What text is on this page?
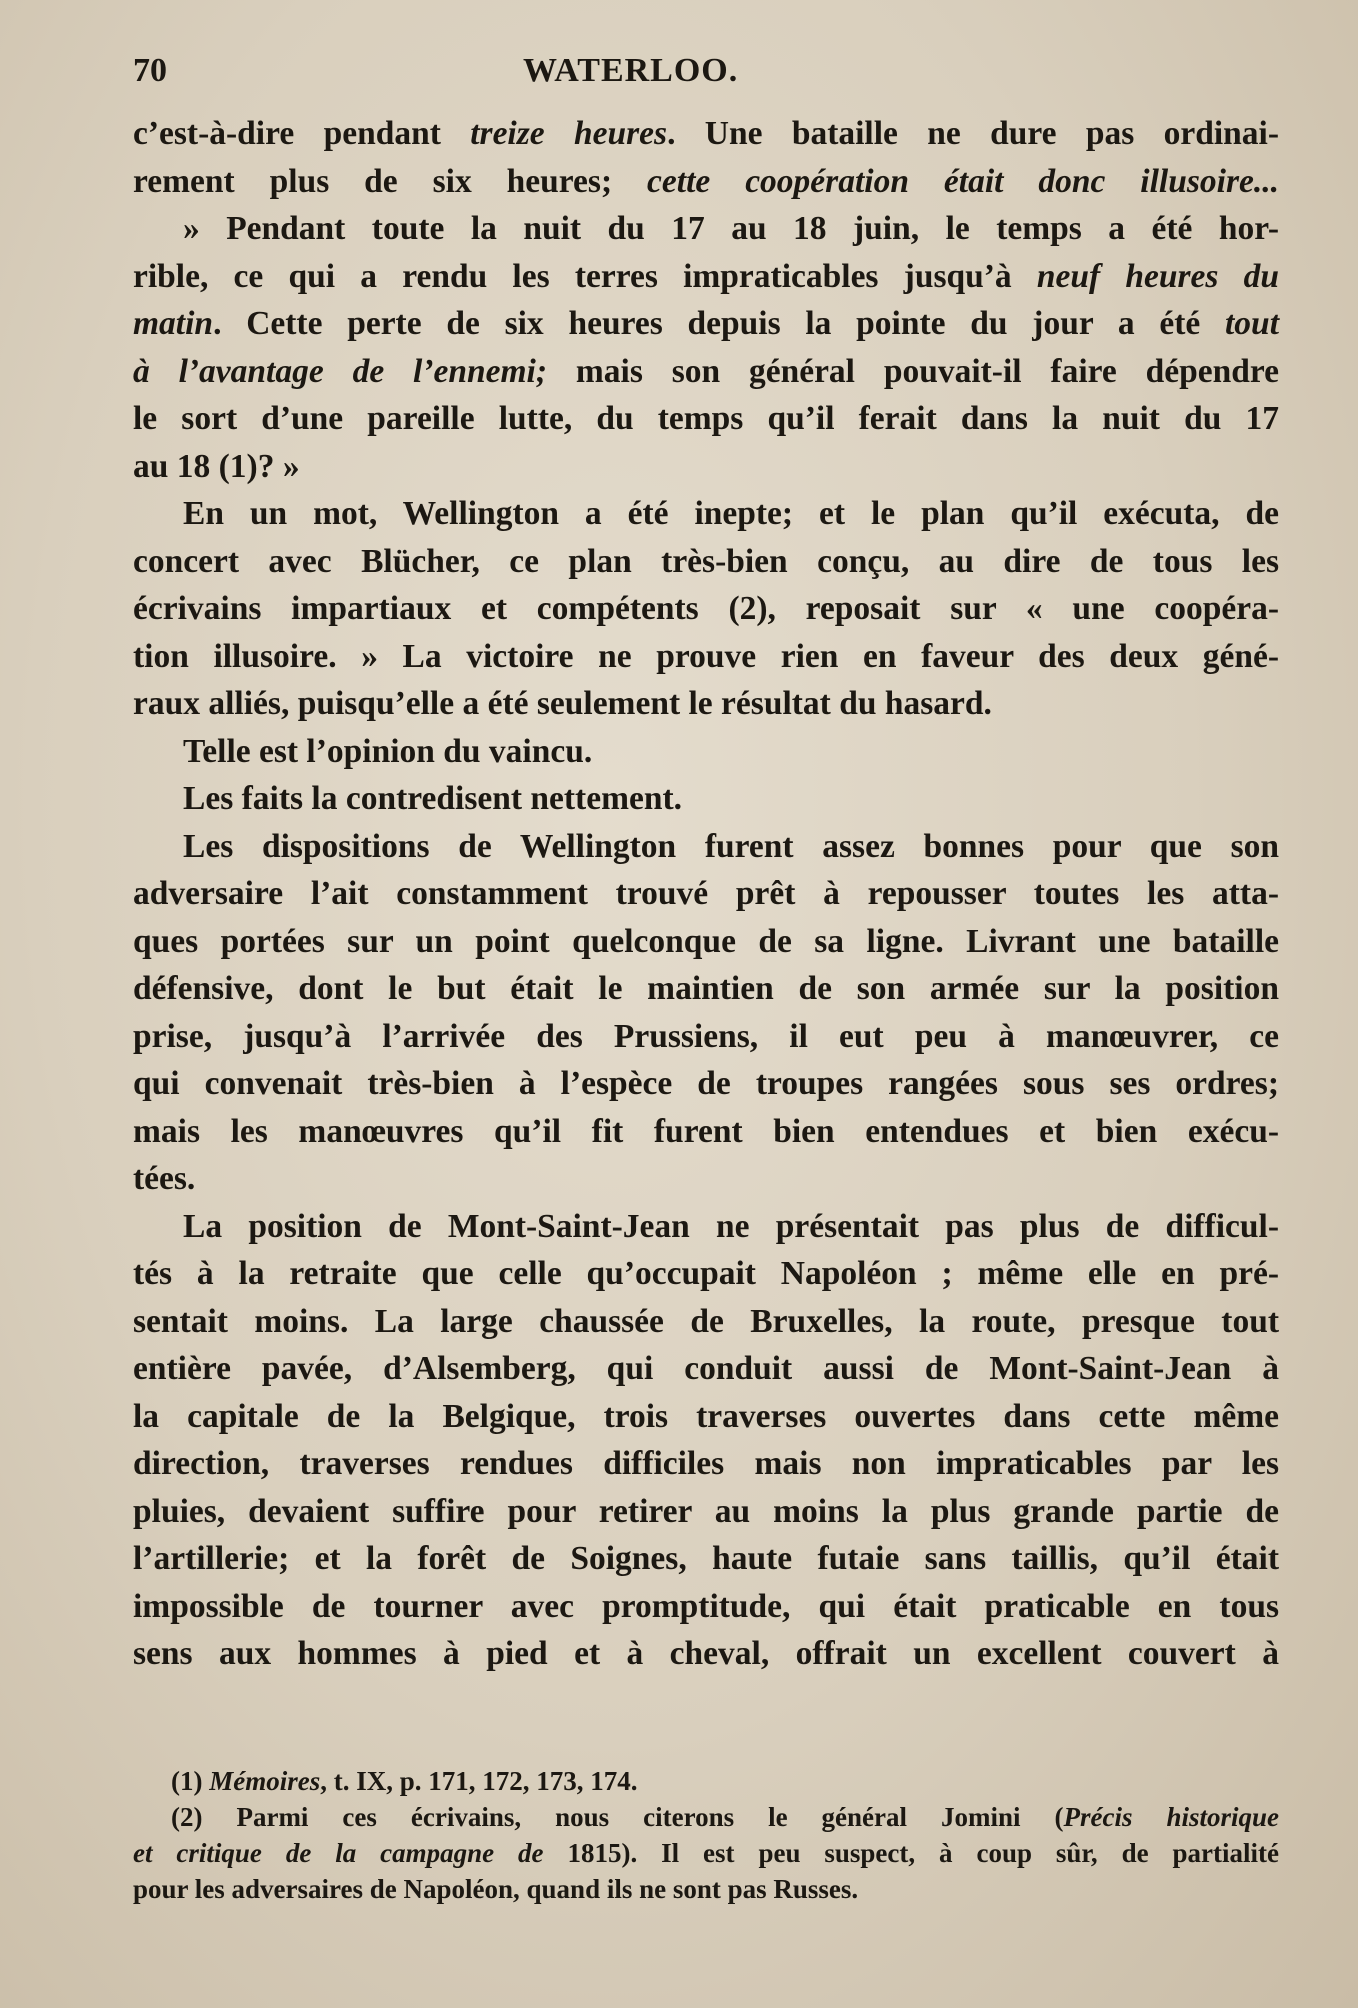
70	WATERLOO.
c’est-à-dire pendant treize heures. Une bataille ne dure pas ordinai-
rement plus de six heures; cette coopération était donc illusoire...
» Pendant toute la nuit du 17 au 18 juin, le temps a été hor-
rible, ce qui a rendu les terres impraticables jusqu’à neuf heures du
matin. Cette perte de six heures depuis la pointe du jour a été tout
à l’avantage de l’ennemi; mais son général pouvait-il faire dépendre
le sort d’une pareille lutte, du temps qu’il ferait dans la nuit du 17
au 18 (1)? »
En un mot, Wellington a été inepte; et le plan qu’il exécuta, de
concert avec Blücher, ce plan très-bien conçu, au dire de tous les
écrivains impartiaux et compétents (2), reposait sur « une coopéra-
tion illusoire. » La victoire ne prouve rien en faveur des deux géné-
raux alliés, puisqu’elle a été seulement le résultat du hasard.
Telle est l’opinion du vaincu.
Les faits la contredisent nettement.
Les dispositions de Wellington furent assez bonnes pour que son
adversaire l’ait constamment trouvé prêt à repousser toutes les atta-
ques portées sur un point quelconque de sa ligne. Livrant une bataille
défensive, dont le but était le maintien de son armée sur la position
prise, jusqu’à l’arrivée des Prussiens, il eut peu à manœuvrer, ce
qui convenait très-bien à l’espèce de troupes rangées sous ses ordres;
mais les manœuvres qu’il fit furent bien entendues et bien exécu-
tées.
La position de Mont-Saint-Jean ne présentait pas plus de difficul-
tés à la retraite que celle qu’occupait Napoléon ; même elle en pré-
sentait moins. La large chaussée de Bruxelles, la route, presque tout
entière pavée, d’Alsemberg, qui conduit aussi de Mont-Saint-Jean à
la capitale de la Belgique, trois traverses ouvertes dans cette même
direction, traverses rendues difficiles mais non impraticables par les
pluies, devaient suffire pour retirer au moins la plus grande partie de
l’artillerie; et la forêt de Soignes, haute futaie sans taillis, qu’il était
impossible de tourner avec promptitude, qui était praticable en tous
sens aux hommes à pied et à cheval, offrait un excellent couvert à
(1) Mémoires, t. IX, p. 171, 172, 173, 174.
(2) Parmi ces écrivains, nous citerons le général Jomini (Précis historique
et critique de la campagne de 1815). Il est peu suspect, à coup sûr, de partialité
pour les adversaires de Napoléon, quand ils ne sont pas Russes.
